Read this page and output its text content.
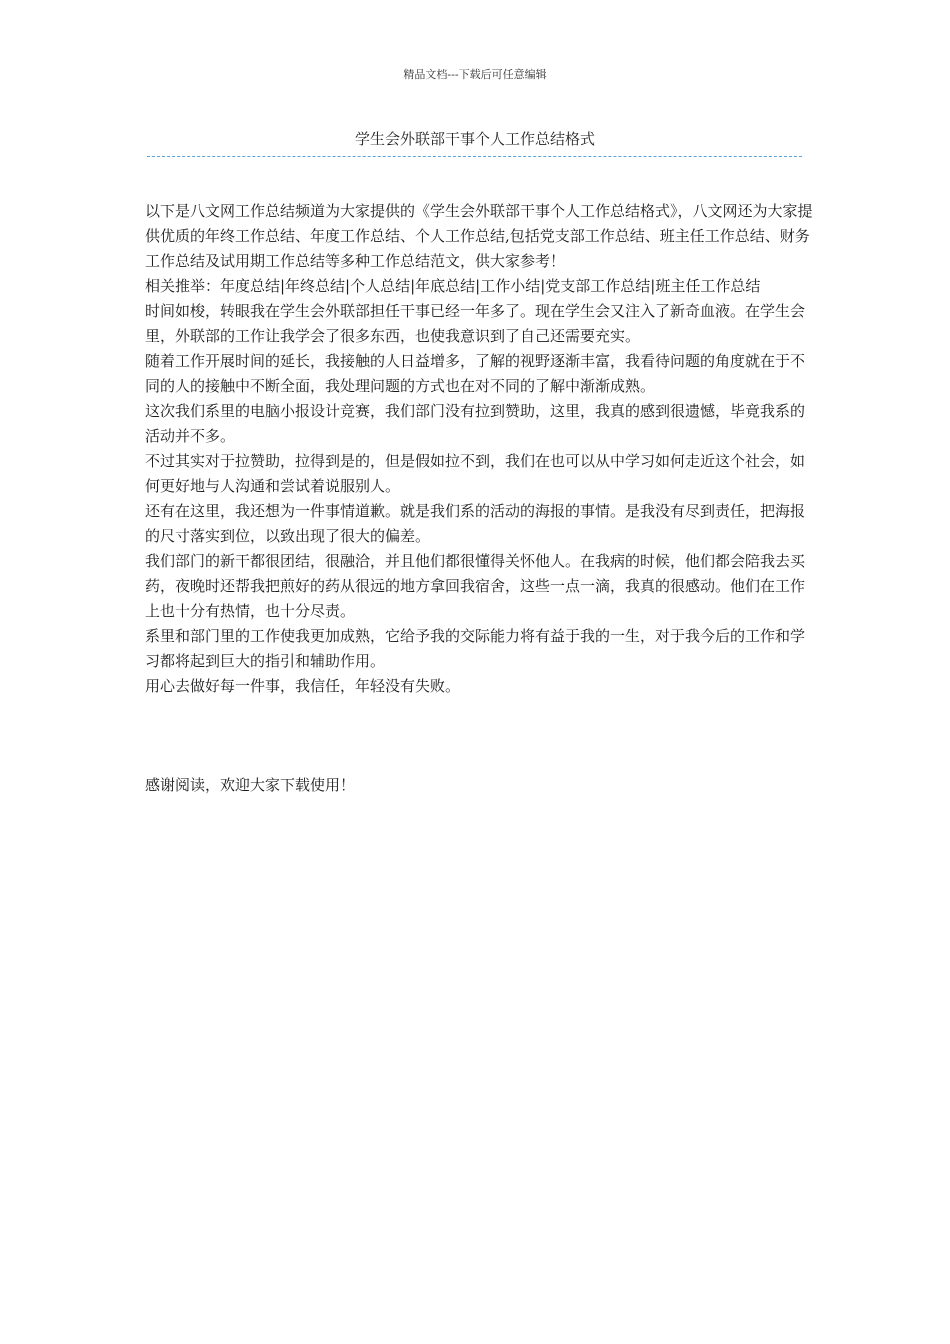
精品文档---下载后可任意编辑
学生会外联部干事个人工作总结格式

以下是八文网工作总结频道为大家提供的《学生会外联部干事个人工作总结格式》，八文网还为大家提供优质的年终工作总结、年度工作总结、个人工作总结,包括党支部工作总结、班主任工作总结、财务工作总结及试用期工作总结等多种工作总结范文，供大家参考！

相关推举：年度总结|年终总结|个人总结|年底总结|工作小结|党支部工作总结|班主任工作总结

时间如梭，转眼我在学生会外联部担任干事已经一年多了。现在学生会又注入了新奇血液。在学生会里，外联部的工作让我学会了很多东西，也使我意识到了自己还需要充实。

随着工作开展时间的延长，我接触的人日益增多，了解的视野逐渐丰富，我看待问题的角度就在于不同的人的接触中不断全面，我处理问题的方式也在对不同的了解中渐渐成熟。

这次我们系里的电脑小报设计竞赛，我们部门没有拉到赞助，这里，我真的感到很遗憾，毕竟我系的活动并不多。

不过其实对于拉赞助，拉得到是的，但是假如拉不到，我们在也可以从中学习如何走近这个社会，如何更好地与人沟通和尝试着说服别人。

还有在这里，我还想为一件事情道歉。就是我们系的活动的海报的事情。是我没有尽到责任，把海报的尺寸落实到位，以致出现了很大的偏差。

我们部门的新干都很团结，很融洽，并且他们都很懂得关怀他人。在我病的时候，他们都会陪我去买药，夜晚时还帮我把煎好的药从很远的地方拿回我宿舍，这些一点一滴，我真的很感动。他们在工作上也十分有热情，也十分尽责。

系里和部门里的工作使我更加成熟，它给予我的交际能力将有益于我的一生，对于我今后的工作和学习都将起到巨大的指引和辅助作用。

用心去做好每一件事，我信任，年轻没有失败。

感谢阅读，欢迎大家下载使用！
